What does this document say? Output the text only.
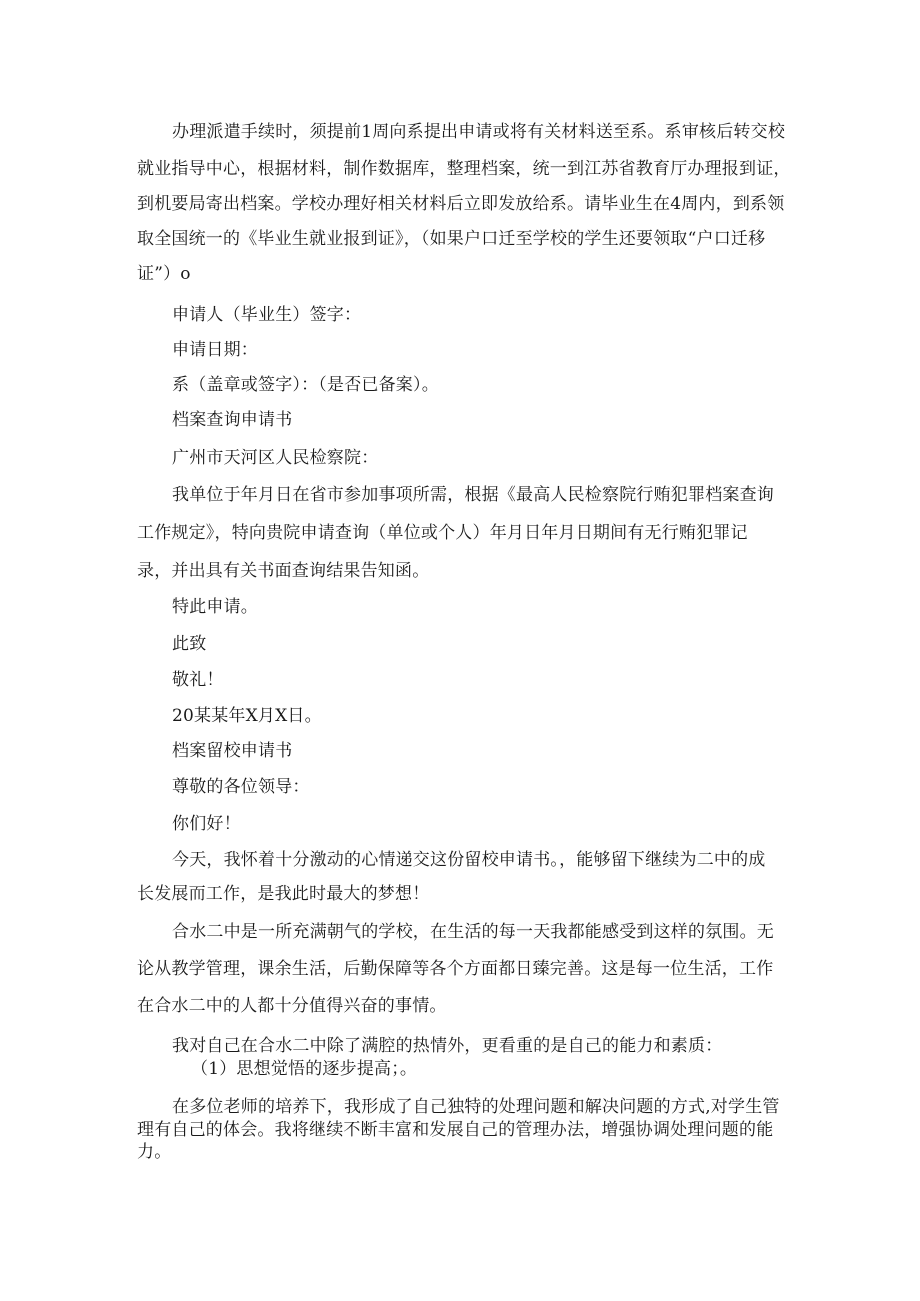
办理派遣手续时，须提前1周向系提出申请或将有关材料送至系。系审核后转交校
就业指导中心，根据材料，制作数据库，整理档案，统一到江苏省教育厅办理报到证，
到机要局寄出档案。学校办理好相关材料后立即发放给系。请毕业生在4周内，到系领
取全国统一的《毕业生就业报到证》，（如果户口迁至学校的学生还要领取“户口迁移
证”）o
申请人（毕业生）签字：
申请日期：
系（盖章或签字）：（是否已备案）。
档案查询申请书
广州市天河区人民检察院：
我单位于年月日在省市参加事项所需，根据《最高人民检察院行贿犯罪档案查询
工作规定》，特向贵院申请查询（单位或个人）年月日年月日期间有无行贿犯罪记
录，并出具有关书面查询结果告知函。
特此申请。
此致
敬礼！
20某某年X月X日。
档案留校申请书
尊敬的各位领导：
你们好！
今天，我怀着十分激动的心情递交这份留校申请书。，能够留下继续为二中的成
长发展而工作，是我此时最大的梦想！
合水二中是一所充满朝气的学校，在生活的每一天我都能感受到这样的氛围。无
论从教学管理，课余生活，后勤保障等各个方面都日臻完善。这是每一位生活，工作
在合水二中的人都十分值得兴奋的事情。
我对自己在合水二中除了满腔的热情外，更看重的是自己的能力和素质：
（1）思想觉悟的逐步提高；。
在多位老师的培养下，我形成了自己独特的处理问题和解决问题的方式,对学生管
理有自己的体会。我将继续不断丰富和发展自己的管理办法，增强协调处理问题的能
力。
